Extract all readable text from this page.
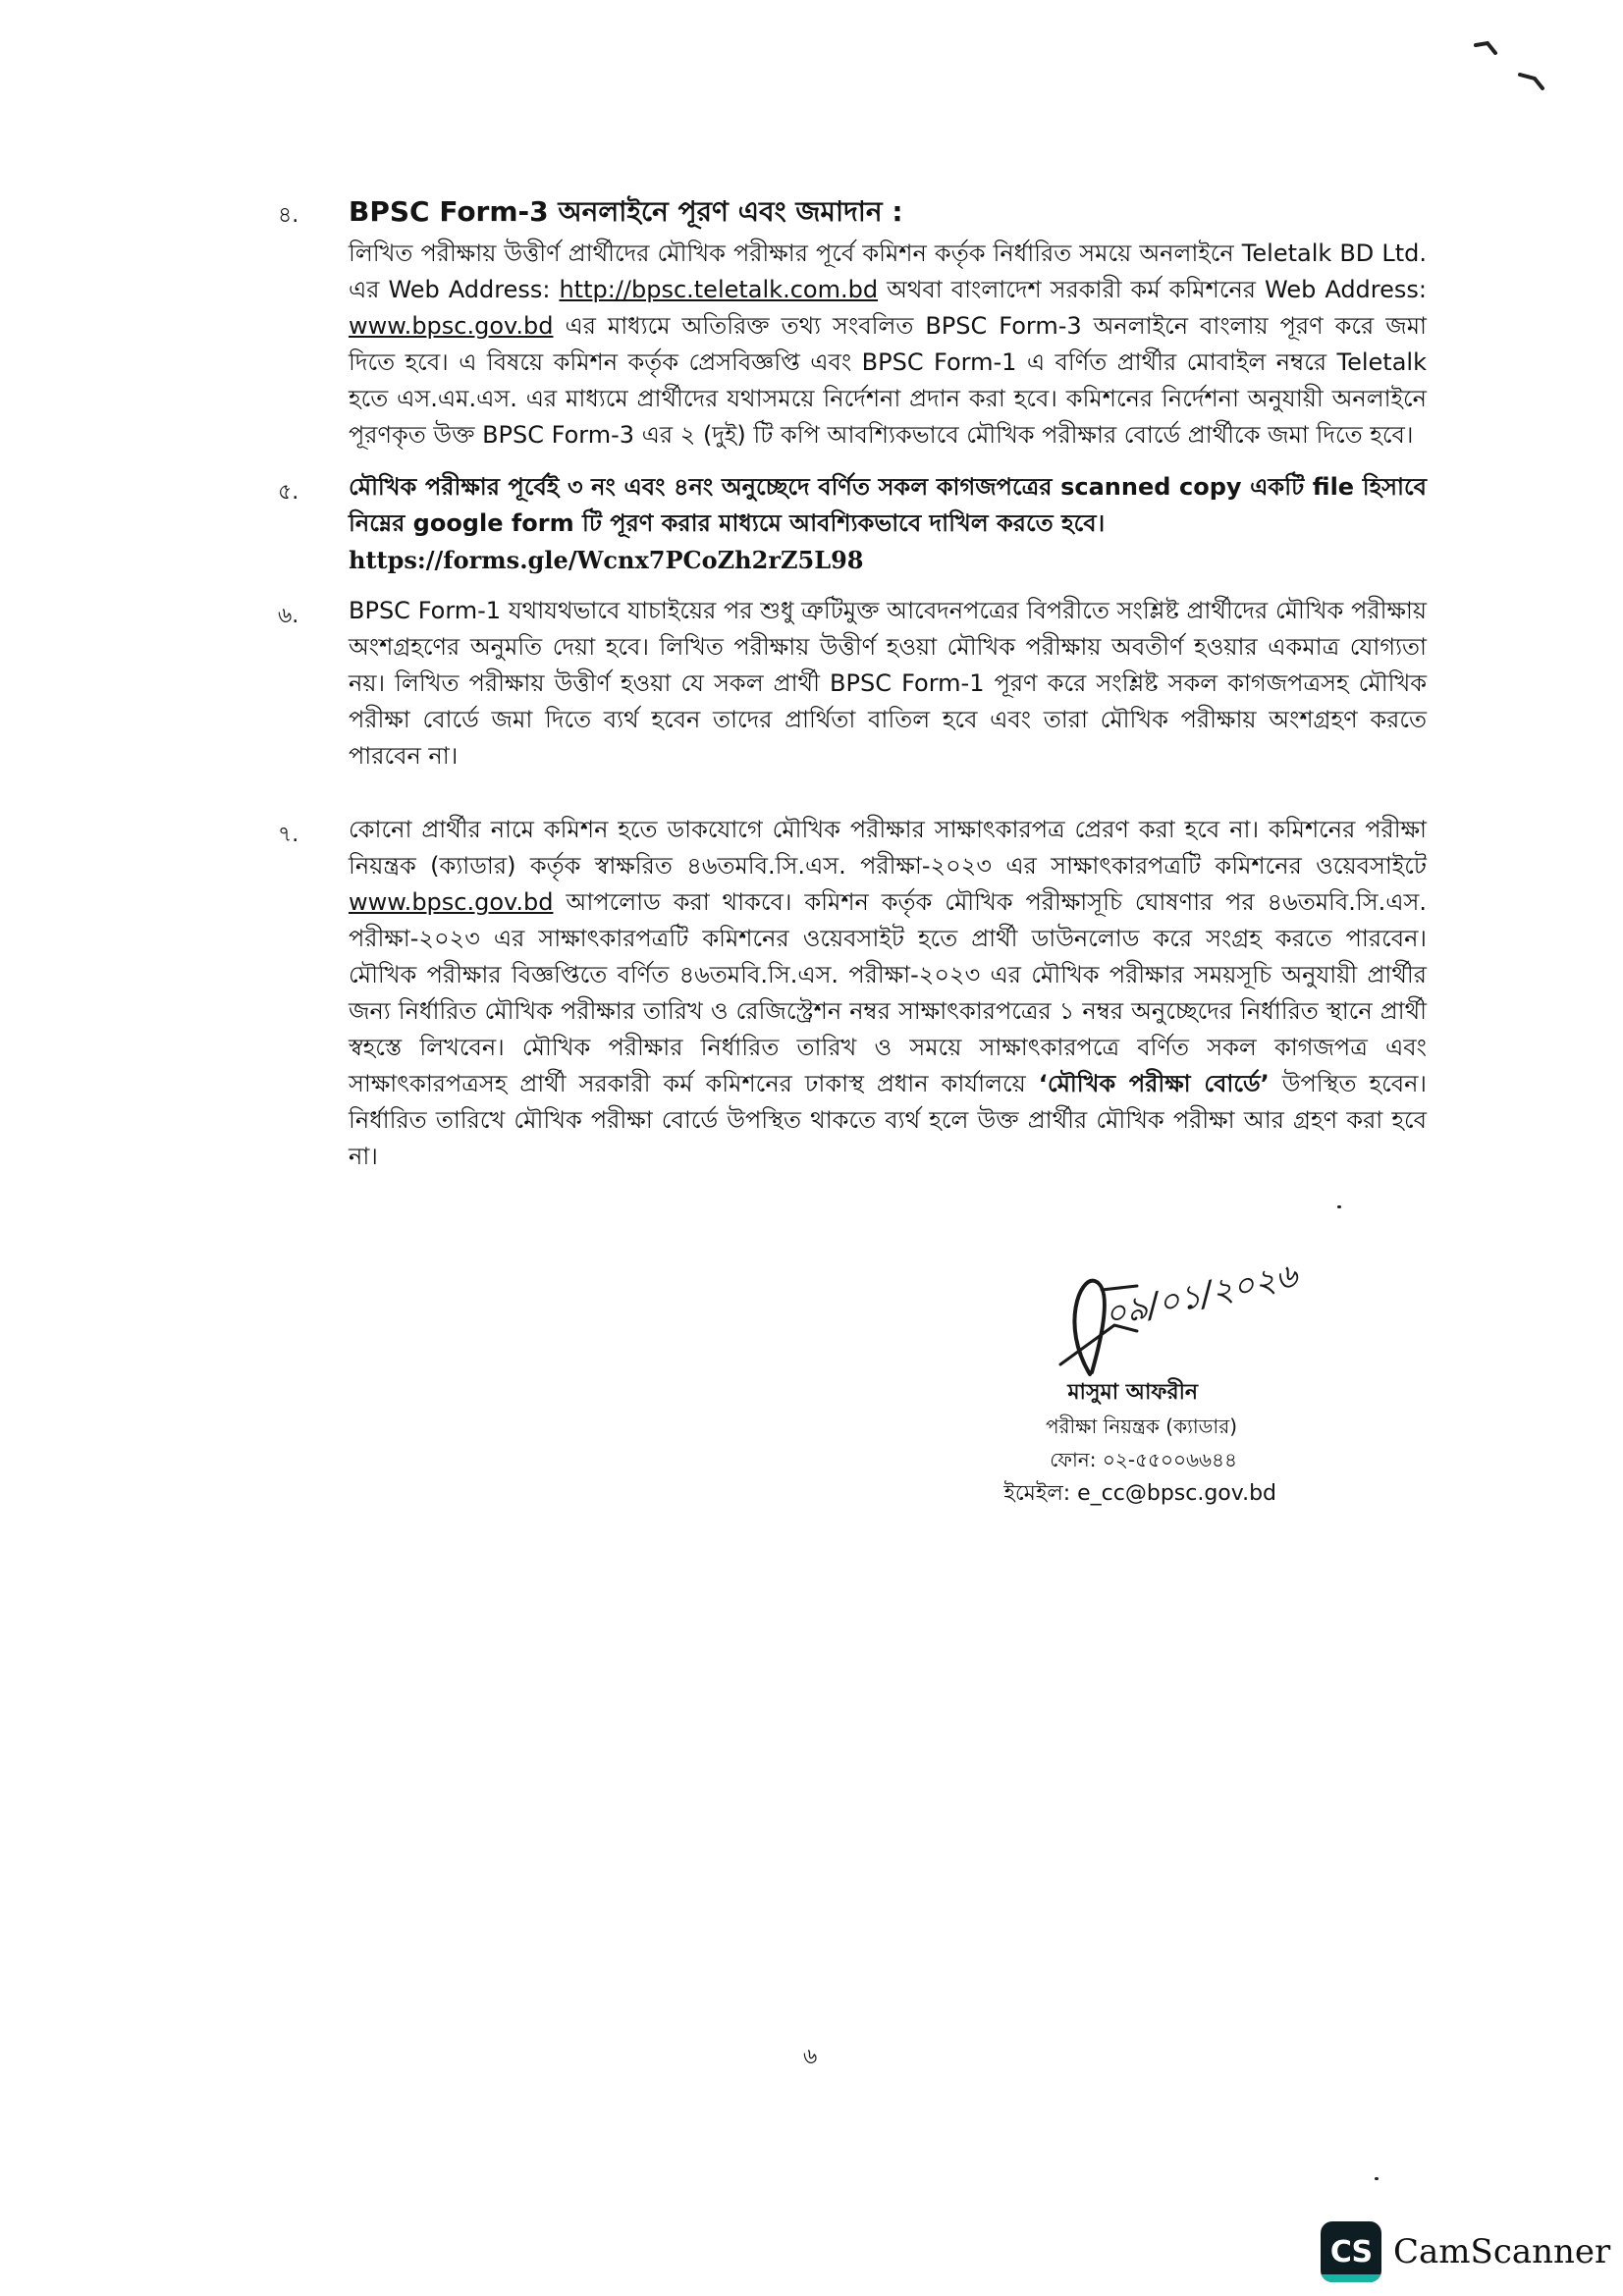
৪. BPSC Form-3 অনলাইনে পূরণ এবং জমাদান :
লিখিত পরীক্ষায় উত্তীর্ণ প্রার্থীদের মৌখিক পরীক্ষার পূর্বে কমিশন কর্তৃক নির্ধারিত সময়ে অনলাইনে Teletalk BD Ltd. এর Web Address: http://bpsc.teletalk.com.bd অথবা বাংলাদেশ সরকারী কর্ম কমিশনের Web Address: www.bpsc.gov.bd এর মাধ্যমে অতিরিক্ত তথ্য সংবলিত BPSC Form-3 অনলাইনে বাংলায় পূরণ করে জমা দিতে হবে। এ বিষয়ে কমিশন কর্তৃক প্রেসবিজ্ঞপ্তি এবং BPSC Form-1 এ বর্ণিত প্রার্থীর মোবাইল নম্বরে Teletalk হতে এস.এম.এস. এর মাধ্যমে প্রার্থীদের যথাসময়ে নির্দেশনা প্রদান করা হবে। কমিশনের নির্দেশনা অনুযায়ী অনলাইনে পূরণকৃত উক্ত BPSC Form-3 এর ২ (দুই) টি কপি আবশ্যিকভাবে মৌখিক পরীক্ষার বোর্ডে প্রার্থীকে জমা দিতে হবে।
৫. মৌখিক পরীক্ষার পূর্বেই ৩ নং এবং ৪নং অনুচ্ছেদে বর্ণিত সকল কাগজপত্রের scanned copy একটি file হিসাবে নিম্নের google form টি পূরণ করার মাধ্যমে আবশ্যিকভাবে দাখিল করতে হবে।
https://forms.gle/Wcnx7PCoZh2rZ5L98
৬. BPSC Form-1 যথাযথভাবে যাচাইয়ের পর শুধু ত্রুটিমুক্ত আবেদনপত্রের বিপরীতে সংশ্লিষ্ট প্রার্থীদের মৌখিক পরীক্ষায় অংশগ্রহণের অনুমতি দেয়া হবে। লিখিত পরীক্ষায় উত্তীর্ণ হওয়া মৌখিক পরীক্ষায় অবতীর্ণ হওয়ার একমাত্র যোগ্যতা নয়। লিখিত পরীক্ষায় উত্তীর্ণ হওয়া যে সকল প্রার্থী BPSC Form-1 পূরণ করে সংশ্লিষ্ট সকল কাগজপত্রসহ মৌখিক পরীক্ষা বোর্ডে জমা দিতে ব্যর্থ হবেন তাদের প্রার্থিতা বাতিল হবে এবং তারা মৌখিক পরীক্ষায় অংশগ্রহণ করতে পারবেন না।
৭. কোনো প্রার্থীর নামে কমিশন হতে ডাকযোগে মৌখিক পরীক্ষার সাক্ষাৎকারপত্র প্রেরণ করা হবে না। কমিশনের পরীক্ষা নিয়ন্ত্রক (ক্যাডার) কর্তৃক স্বাক্ষরিত ৪৬তমবি.সি.এস. পরীক্ষা-২০২৩ এর সাক্ষাৎকারপত্রটি কমিশনের ওয়েবসাইটে www.bpsc.gov.bd আপলোড করা থাকবে। কমিশন কর্তৃক মৌখিক পরীক্ষাসূচি ঘোষণার পর ৪৬তমবি.সি.এস. পরীক্ষা-২০২৩ এর সাক্ষাৎকারপত্রটি কমিশনের ওয়েবসাইট হতে প্রার্থী ডাউনলোড করে সংগ্রহ করতে পারবেন। মৌখিক পরীক্ষার বিজ্ঞপ্তিতে বর্ণিত ৪৬তমবি.সি.এস. পরীক্ষা-২০২৩ এর মৌখিক পরীক্ষার সময়সূচি অনুযায়ী প্রার্থীর জন্য নির্ধারিত মৌখিক পরীক্ষার তারিখ ও রেজিস্ট্রেশন নম্বর সাক্ষাৎকারপত্রের ১ নম্বর অনুচ্ছেদের নির্ধারিত স্থানে প্রার্থী স্বহস্তে লিখবেন। মৌখিক পরীক্ষার নির্ধারিত তারিখ ও সময়ে সাক্ষাৎকারপত্রে বর্ণিত সকল কাগজপত্র এবং সাক্ষাৎকারপত্রসহ প্রার্থী সরকারী কর্ম কমিশনের ঢাকাস্থ প্রধান কার্যালয়ে ‘মৌখিক পরীক্ষা বোর্ডে’ উপস্থিত হবেন। নির্ধারিত তারিখে মৌখিক পরীক্ষা বোর্ডে উপস্থিত থাকতে ব্যর্থ হলে উক্ত প্রার্থীর মৌখিক পরীক্ষা আর গ্রহণ করা হবে না।
০৯/০১/২০২৬
মাসুমা আফরীন
পরীক্ষা নিয়ন্ত্রক (ক্যাডার)
ফোন: ০২-৫৫০০৬৬৪৪
ইমেইল: e_cc@bpsc.gov.bd
৬
CS CamScanner
